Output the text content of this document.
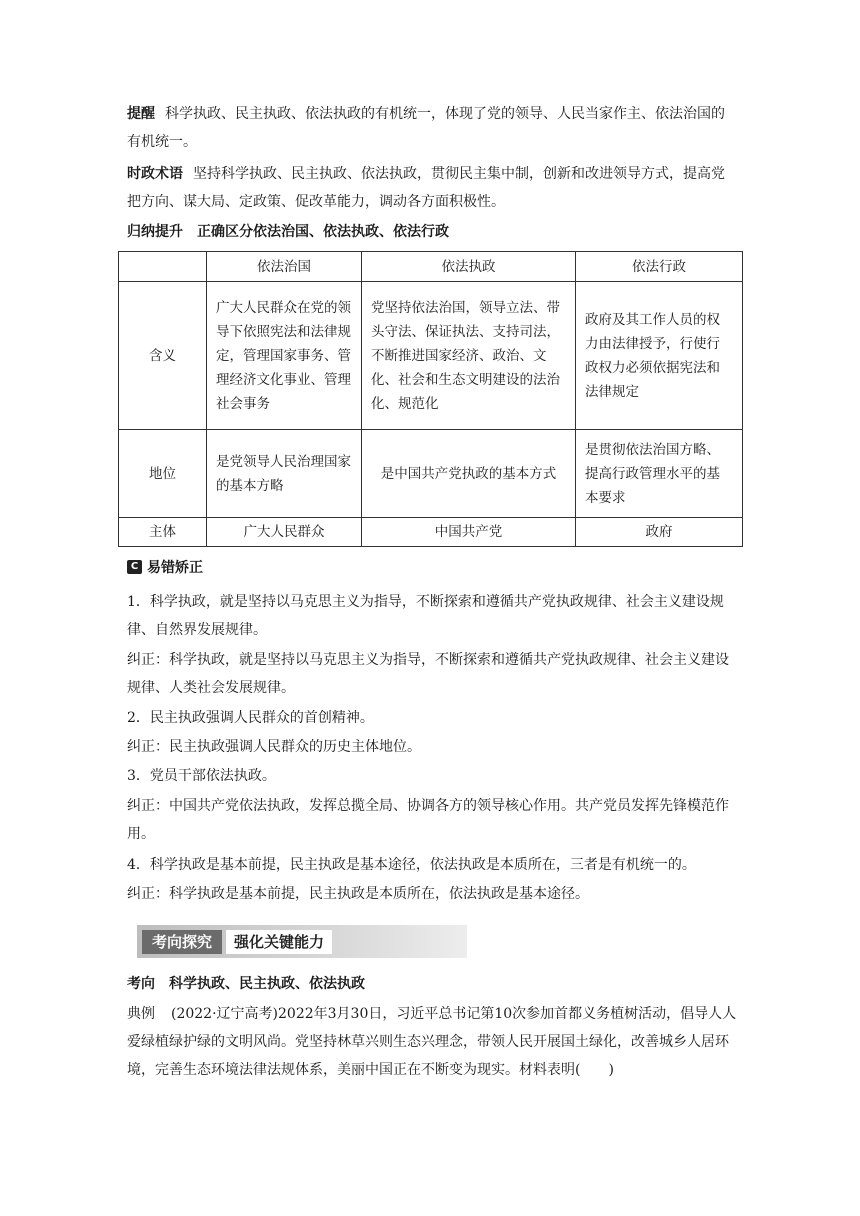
提醒 科学执政、民主执政、依法执政的有机统一，体现了党的领导、人民当家作主、依法治国的有机统一。

时政术语 坚持科学执政、民主执政、依法执政，贯彻民主集中制，创新和改进领导方式，提高党把方向、谋大局、定政策、促改革能力，调动各方面积极性。

归纳提升　正确区分依法治国、依法执政、依法行政

	依法治国	依法执政	依法行政
含义	广大人民群众在党的领导下依照宪法和法律规定，管理国家事务、管理经济文化事业、管理社会事务	党坚持依法治国，领导立法、带头守法、保证执法、支持司法，不断推进国家经济、政治、文化、社会和生态文明建设的法治化、规范化	政府及其工作人员的权力由法律授予，行使行政权力必须依据宪法和法律规定
地位	是党领导人民治理国家的基本方略	是中国共产党执政的基本方式	是贯彻依法治国方略、提高行政管理水平的基本要求
主体	广大人民群众	中国共产党	政府
C 易错矫正

1．科学执政，就是坚持以马克思主义为指导，不断探索和遵循共产党执政规律、社会主义建设规律、自然界发展规律。

纠正：科学执政，就是坚持以马克思主义为指导，不断探索和遵循共产党执政规律、社会主义建设规律、人类社会发展规律。

2．民主执政强调人民群众的首创精神。

纠正：民主执政强调人民群众的历史主体地位。

3．党员干部依法执政。

纠正：中国共产党依法执政，发挥总揽全局、协调各方的领导核心作用。共产党员发挥先锋模范作用。

4．科学执政是基本前提，民主执政是基本途径，依法执政是本质所在，三者是有机统一的。

纠正：科学执政是基本前提，民主执政是本质所在，依法执政是基本途径。

考向探究	强化关键能力

考向　科学执政、民主执政、依法执政

典例 (2022·辽宁高考)2022年3月30日，习近平总书记第10次参加首都义务植树活动，倡导人人爱绿植绿护绿的文明风尚。党坚持林草兴则生态兴理念，带领人民开展国土绿化，改善城乡人居环境，完善生态环境法律法规体系，美丽中国正在不断变为现实。材料表明(　　)
